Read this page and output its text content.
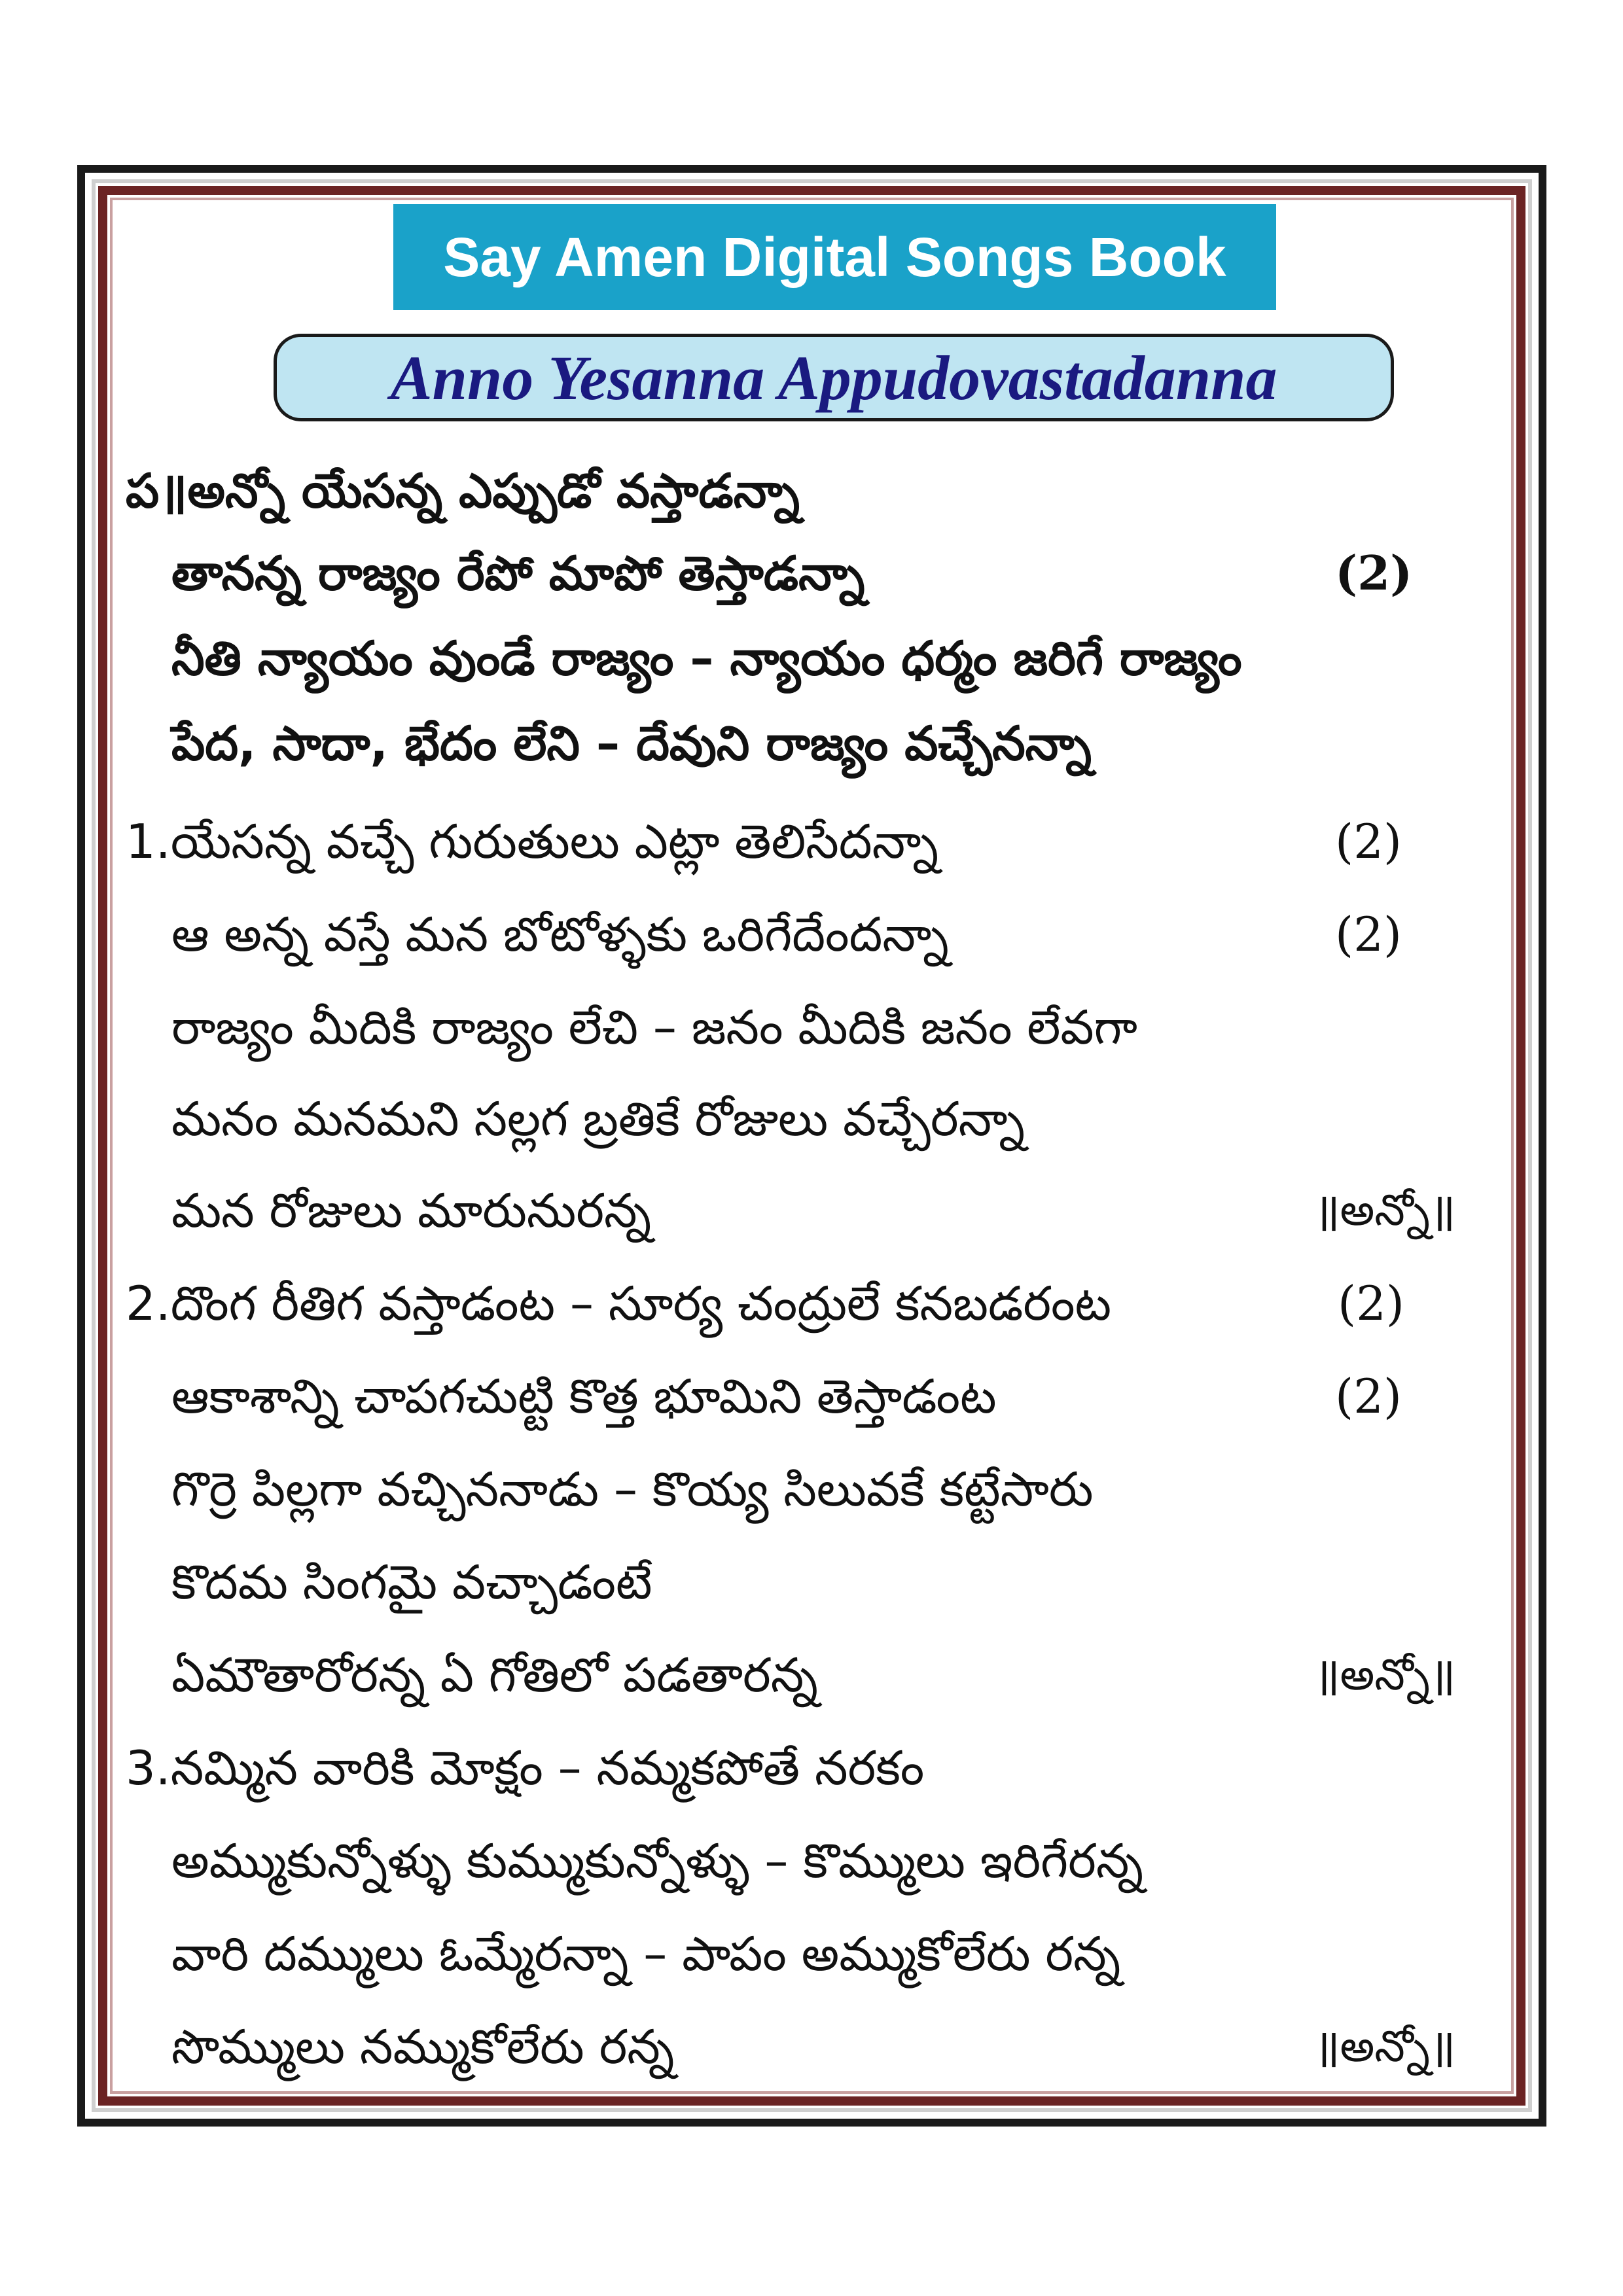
Say Amen Digital Songs Book
Anno Yesanna Appudovastadanna
ప॥అన్నో యేసన్న ఎప్పుడో వస్తాడన్నా
తానన్న రాజ్యం రేపో మాపో తెస్తాడన్నా	(2)
నీతి న్యాయం వుండే రాజ్యం – న్యాయం ధర్మం జరిగే రాజ్యం
పేద, సాదా, భేదం లేని – దేవుని రాజ్యం వచ్చేనన్నా
1.యేసన్న వచ్చే గురుతులు ఎట్లా తెలిసేదన్నా	(2)
ఆ అన్న వస్తే మన బోటోళ్ళకు ఒరిగేదేందన్నా	(2)
రాజ్యం మీదికి రాజ్యం లేచి – జనం మీదికి జనం లేవగా
మనం మనమని సల్లగ బ్రతికే రోజులు వచ్చేరన్నా
మన రోజులు మారునురన్న	॥అన్నో॥
2.దొంగ రీతిగ వస్తాడంట – సూర్య చంద్రులే కనబడరంట	(2)
ఆకాశాన్ని చాపగచుట్టి కొత్త భూమిని తెస్తాడంట	(2)
గొర్రె పిల్లగా వచ్చిననాడు – కొయ్య సిలువకే కట్టేసారు
కొదమ సింగమై వచ్చాడంటే
ఏమౌతారోరన్న ఏ గోతిలో పడతారన్న	॥అన్నో॥
3.నమ్మిన వారికి మోక్షం – నమ్మకపోతే నరకం
అమ్ముకున్నోళ్ళు కుమ్ముకున్నోళ్ళు – కొమ్ములు ఇరిగేరన్న
వారి దమ్ములు ఓమ్మేరన్నా – పాపం అమ్ముకోలేరు రన్న
సొమ్ములు నమ్ముకోలేరు రన్న	॥అన్నో॥
